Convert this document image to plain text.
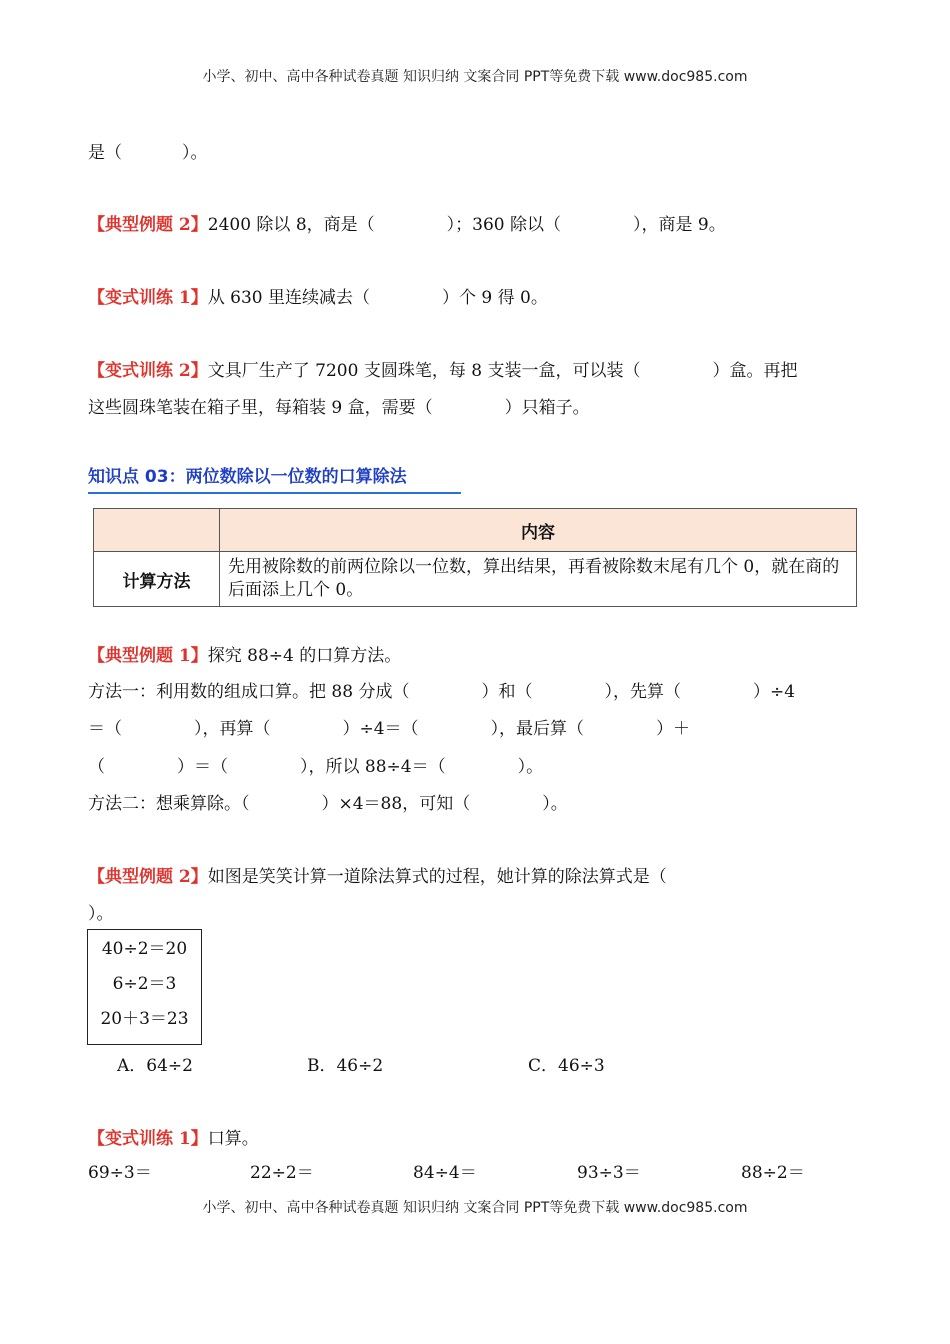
小学、初中、高中各种试卷真题 知识归纳 文案合同 PPT等免费下载 www.doc985.com
是（	）。
【典型例题 2】2400 除以 8，商是（	）；360 除以（	），商是 9。
【变式训练 1】从 630 里连续减去（	）个 9 得 0。
【变式训练 2】文具厂生产了 7200 支圆珠笔，每 8 支装一盒，可以装（	）盒。再把
这些圆珠笔装在箱子里，每箱装 9 盒，需要（	）只箱子。
知识点 03：两位数除以一位数的口算除法
	内容
计算方法	先用被除数的前两位除以一位数，算出结果，再看被除数末尾有几个 0，就在商的后面添上几个 0。
【典型例题 1】探究 88÷4 的口算方法。
方法一：利用数的组成口算。把 88 分成（	）和（	），先算（	）÷4
＝（	），再算（	）÷4＝（	），最后算（	）＋
（	）＝（	），所以 88÷4＝（	）。
方法二：想乘算除。（	）×4＝88，可知（	）。
【典型例题 2】如图是笑笑计算一道除法算式的过程，她计算的除法算式是（
）。
40÷2＝20
6÷2＝3
20＋3＝23
A．64÷2	B．46÷2	C．46÷3
【变式训练 1】口算。
69÷3＝	22÷2＝	84÷4＝	93÷3＝	88÷2＝
小学、初中、高中各种试卷真题 知识归纳 文案合同 PPT等免费下载 www.doc985.com
